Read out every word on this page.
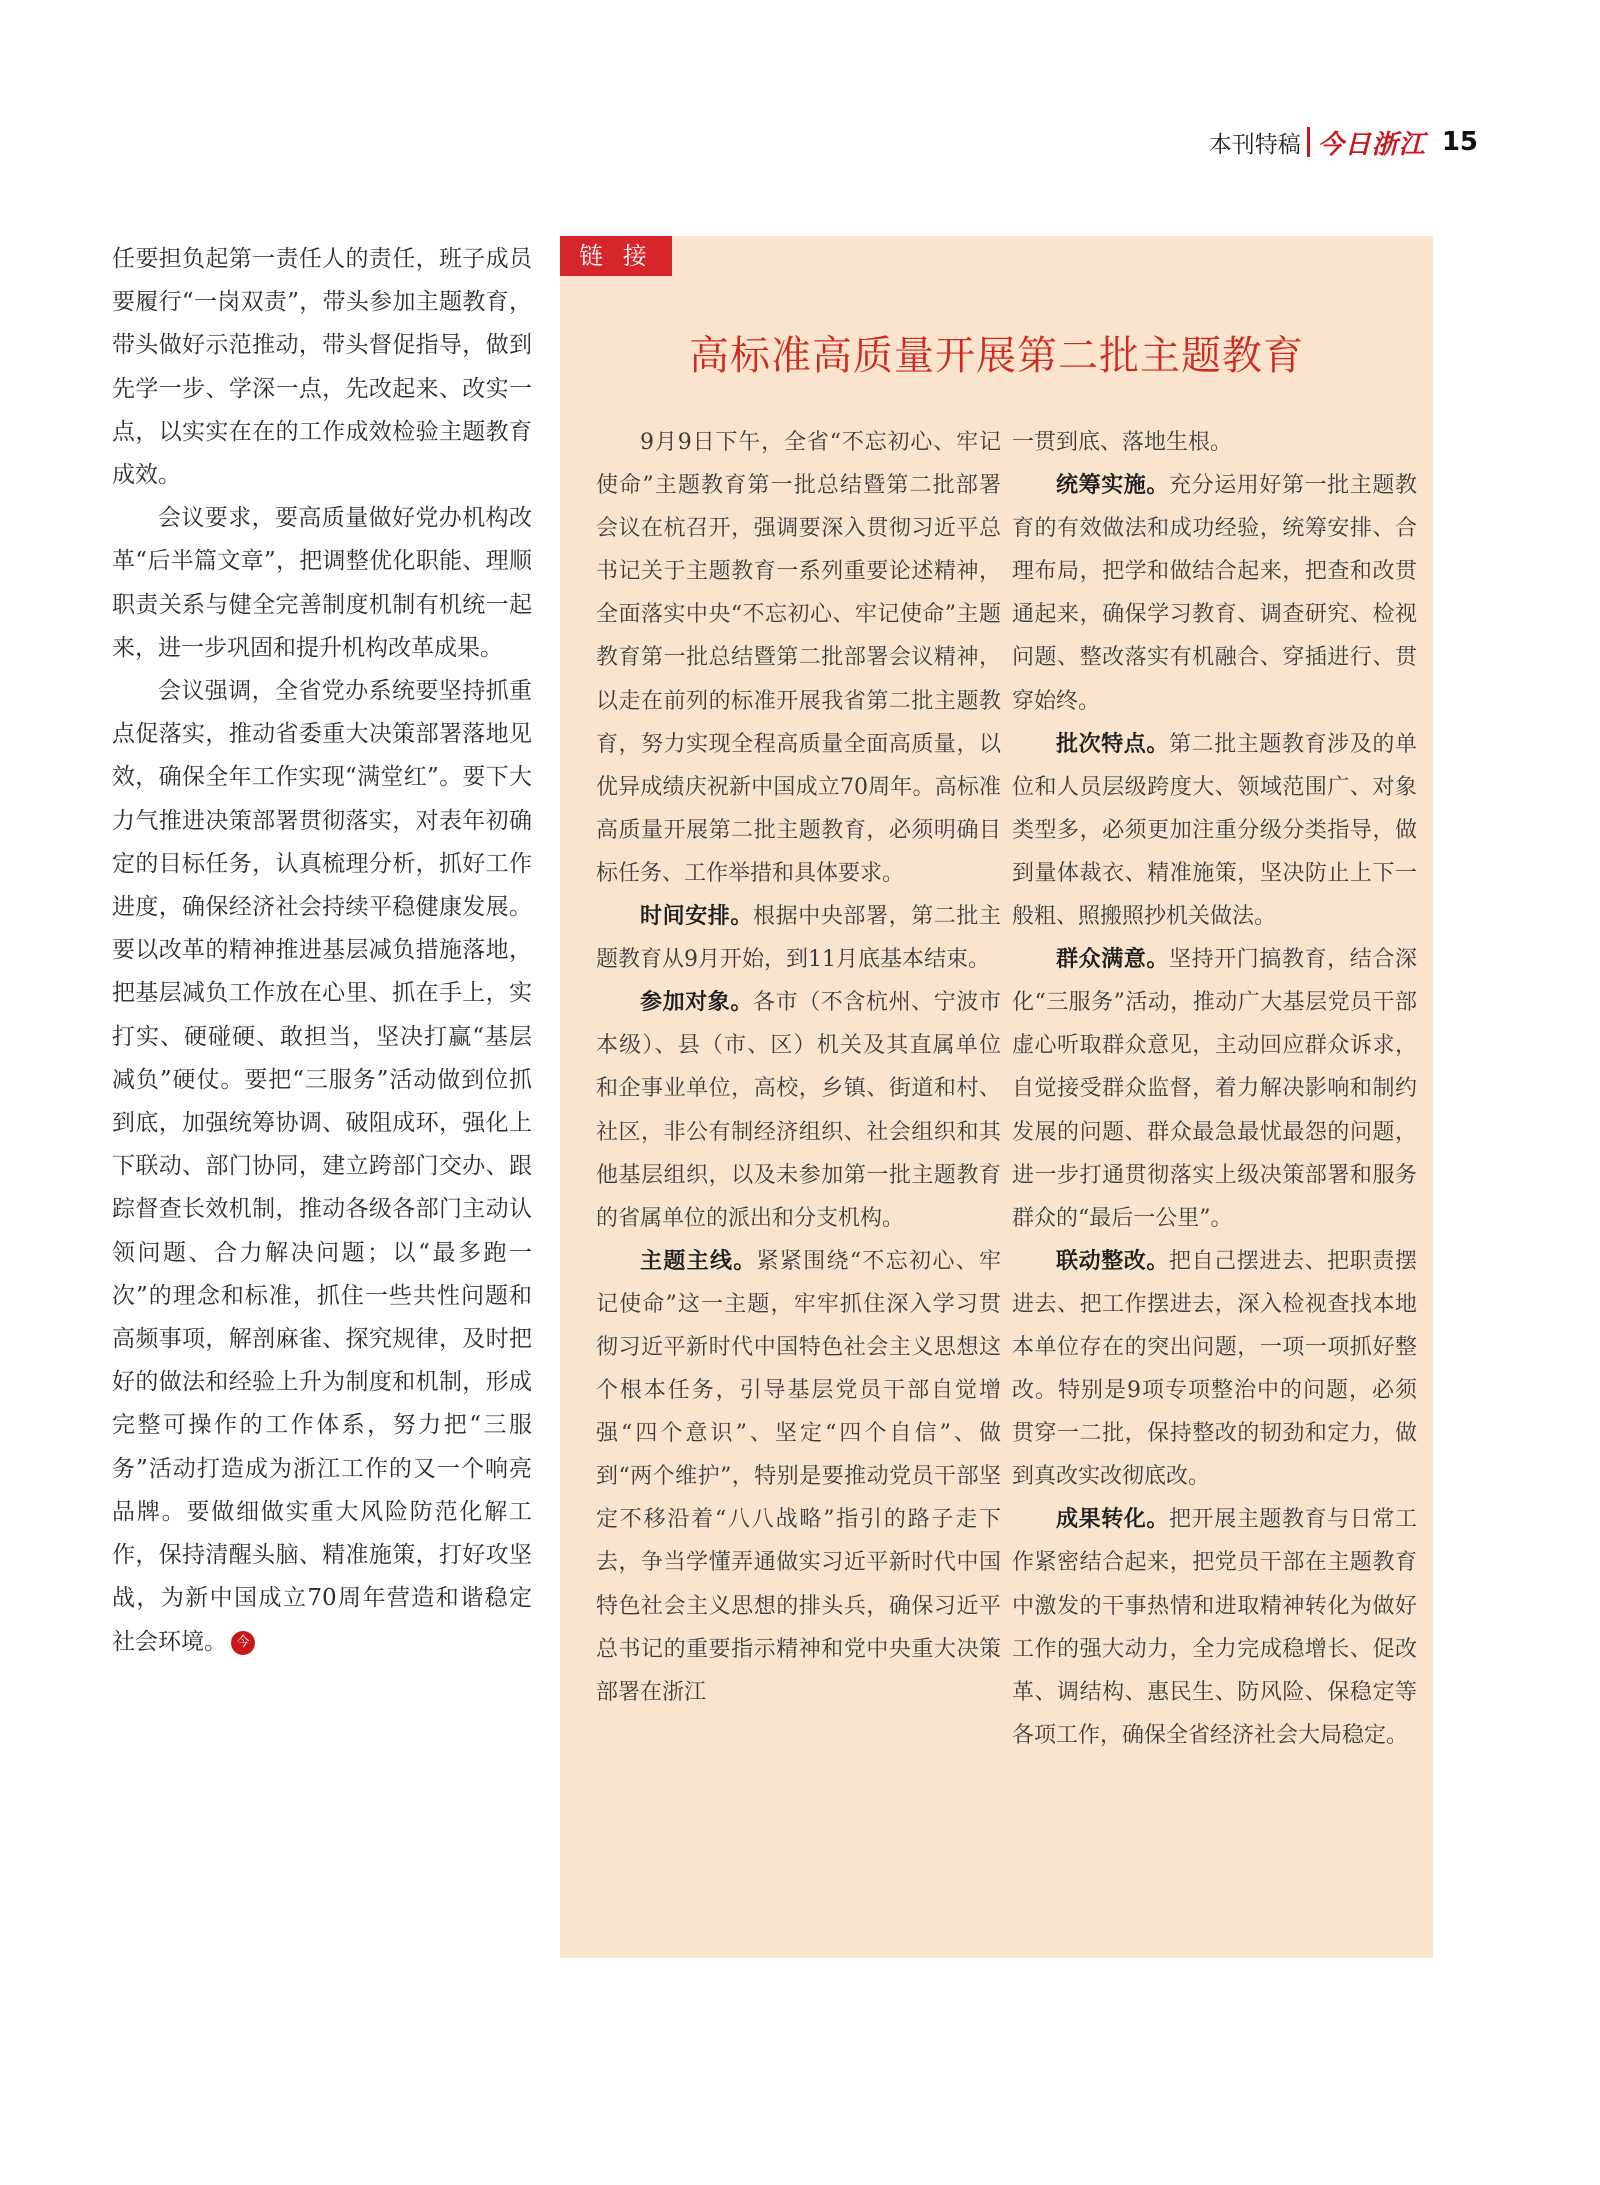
本刊特稿 今日浙江 15

任要担负起第一责任人的责任，班子成员要履行“一岗双责”，带头参加主题教育，带头做好示范推动，带头督促指导，做到先学一步、学深一点，先改起来、改实一点，以实实在在的工作成效检验主题教育成效。

会议要求，要高质量做好党办机构改革“后半篇文章”，把调整优化职能、理顺职责关系与健全完善制度机制有机统一起来，进一步巩固和提升机构改革成果。

会议强调，全省党办系统要坚持抓重点促落实，推动省委重大决策部署落地见效，确保全年工作实现“满堂红”。要下大力气推进决策部署贯彻落实，对表年初确定的目标任务，认真梳理分析，抓好工作进度，确保经济社会持续平稳健康发展。要以改革的精神推进基层减负措施落地，把基层减负工作放在心里、抓在手上，实打实、硬碰硬、敢担当，坚决打赢“基层减负”硬仗。要把“三服务”活动做到位抓到底，加强统筹协调、破阻成环，强化上下联动、部门协同，建立跨部门交办、跟踪督查长效机制，推动各级各部门主动认领问题、合力解决问题；以“最多跑一次”的理念和标准，抓住一些共性问题和高频事项，解剖麻雀、探究规律，及时把好的做法和经验上升为制度和机制，形成完整可操作的工作体系，努力把“三服务”活动打造成为浙江工作的又一个响亮品牌。要做细做实重大风险防范化解工作，保持清醒头脑、精准施策，打好攻坚战，为新中国成立70周年营造和谐稳定社会环境。 今

链 接
高标准高质量开展第二批主题教育

9月9日下午，全省“不忘初心、牢记使命”主题教育第一批总结暨第二批部署会议在杭召开，强调要深入贯彻习近平总书记关于主题教育一系列重要论述精神，全面落实中央“不忘初心、牢记使命”主题教育第一批总结暨第二批部署会议精神，以走在前列的标准开展我省第二批主题教育，努力实现全程高质量全面高质量，以优异成绩庆祝新中国成立70周年。高标准高质量开展第二批主题教育，必须明确目标任务、工作举措和具体要求。

时间安排。根据中央部署，第二批主题教育从9月开始，到11月底基本结束。

参加对象。各市（不含杭州、宁波市本级）、县（市、区）机关及其直属单位和企事业单位，高校，乡镇、街道和村、社区，非公有制经济组织、社会组织和其他基层组织，以及未参加第一批主题教育的省属单位的派出和分支机构。

主题主线。紧紧围绕“不忘初心、牢记使命”这一主题，牢牢抓住深入学习贯彻习近平新时代中国特色社会主义思想这个根本任务，引导基层党员干部自觉增强“四个意识”、坚定“四个自信”、做到“两个维护”，特别是要推动党员干部坚定不移沿着“八八战略”指引的路子走下去，争当学懂弄通做实习近平新时代中国特色社会主义思想的排头兵，确保习近平总书记的重要指示精神和党中央重大决策部署在浙江

一贯到底、落地生根。

统筹实施。充分运用好第一批主题教育的有效做法和成功经验，统筹安排、合理布局，把学和做结合起来，把查和改贯通起来，确保学习教育、调查研究、检视问题、整改落实有机融合、穿插进行、贯穿始终。

批次特点。第二批主题教育涉及的单位和人员层级跨度大、领域范围广、对象类型多，必须更加注重分级分类指导，做到量体裁衣、精准施策，坚决防止上下一般粗、照搬照抄机关做法。

群众满意。坚持开门搞教育，结合深化“三服务”活动，推动广大基层党员干部虚心听取群众意见，主动回应群众诉求，自觉接受群众监督，着力解决影响和制约发展的问题、群众最急最忧最怨的问题，进一步打通贯彻落实上级决策部署和服务群众的“最后一公里”。

联动整改。把自己摆进去、把职责摆进去、把工作摆进去，深入检视查找本地本单位存在的突出问题，一项一项抓好整改。特别是9项专项整治中的问题，必须贯穿一二批，保持整改的韧劲和定力，做到真改实改彻底改。

成果转化。把开展主题教育与日常工作紧密结合起来，把党员干部在主题教育中激发的干事热情和进取精神转化为做好工作的强大动力，全力完成稳增长、促改革、调结构、惠民生、防风险、保稳定等各项工作，确保全省经济社会大局稳定。
